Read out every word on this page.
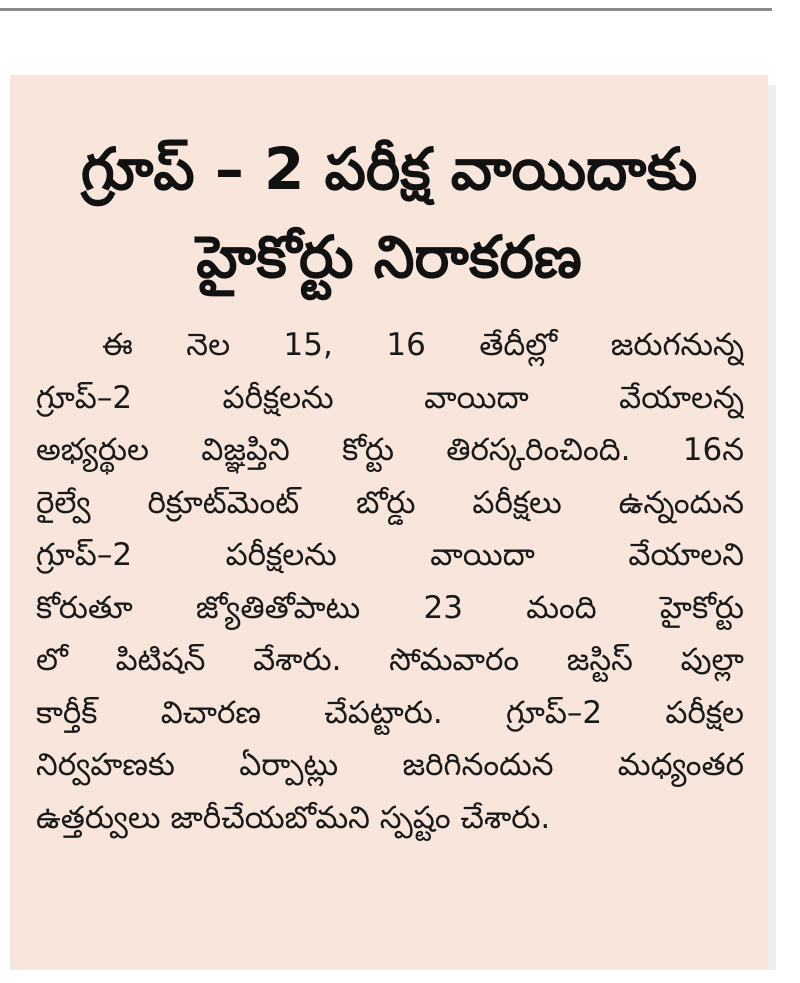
గ్రూప్ – 2 పరీక్ష వాయిదాకు
హైకోర్టు నిరాకరణ
ఈ నెల 15, 16 తేదీల్లో జరుగనున్న
గ్రూప్–2 పరీక్షలను వాయిదా వేయాలన్న
అభ్యర్థుల విజ్ఞప్తిని కోర్టు తిరస్కరించింది. 16న
రైల్వే రిక్రూట్‌మెంట్ బోర్డు పరీక్షలు ఉన్నందున
గ్రూప్–2 పరీక్షలను వాయిదా వేయాలని
కోరుతూ జ్యోతితోపాటు 23 మంది హైకోర్టు
లో పిటిషన్ వేశారు. సోమవారం జస్టిస్ పుల్లా
కార్తీక్ విచారణ చేపట్టారు. గ్రూప్–2 పరీక్షల
నిర్వహణకు ఏర్పాట్లు జరిగినందున మధ్యంతర
ఉత్తర్వులు జారీచేయబోమని స్పష్టం చేశారు.
